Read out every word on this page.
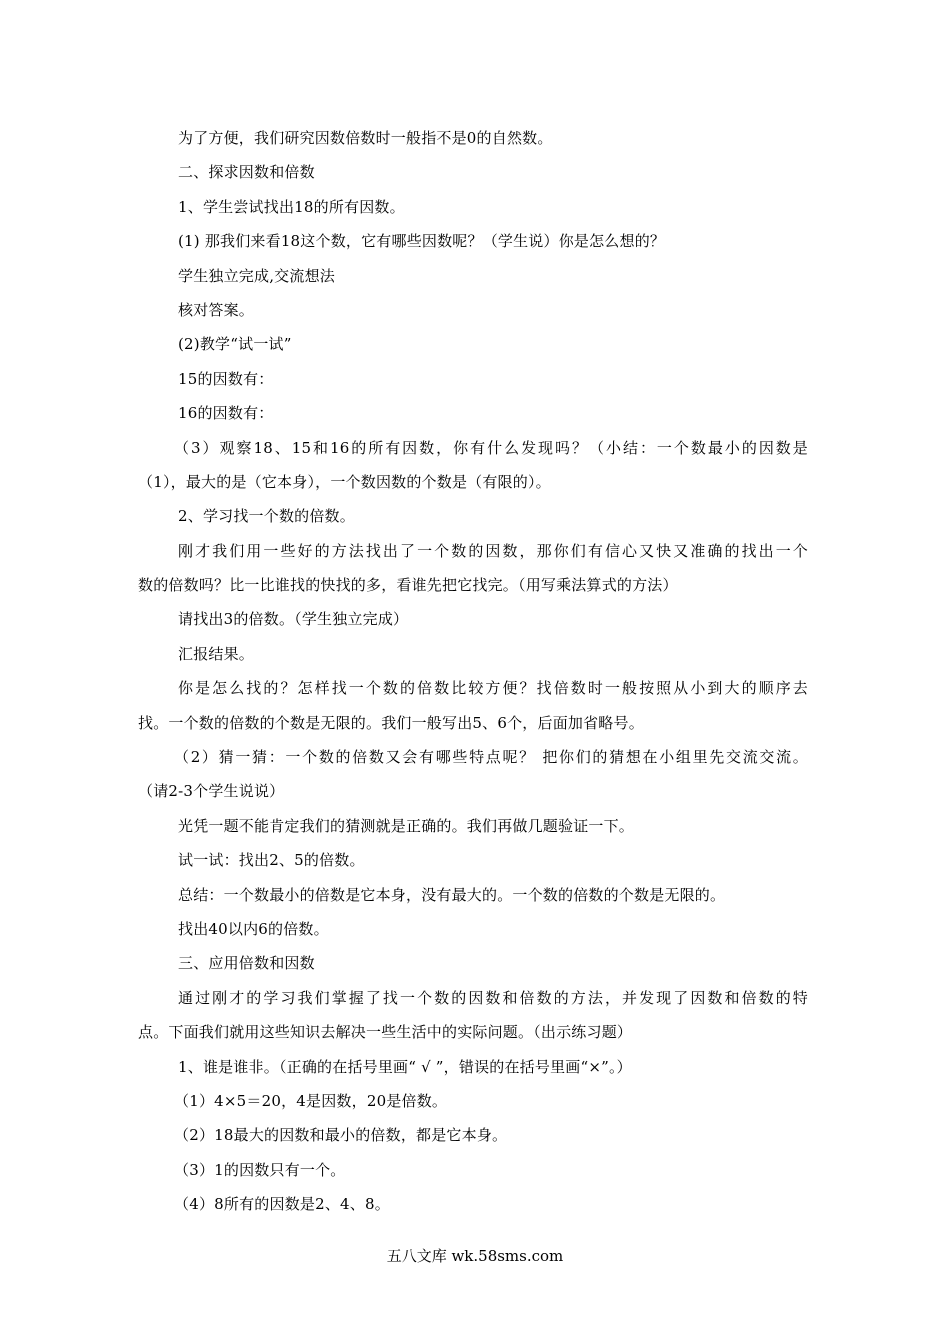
为了方便，我们研究因数倍数时一般指不是0的自然数。
二、探求因数和倍数
1、学生尝试找出18的所有因数。
(1) 那我们来看18这个数，它有哪些因数呢？（学生说）你是怎么想的？
学生独立完成,交流想法
核对答案。
(2)教学“试一试”
15的因数有：
16的因数有：
（3）观察18、15和16的所有因数，你有什么发现吗？（小结：一个数最小的因数是
（1），最大的是（它本身），一个数因数的个数是（有限的）。
2、学习找一个数的倍数。
刚才我们用一些好的方法找出了一个数的因数，那你们有信心又快又准确的找出一个
数的倍数吗？比一比谁找的快找的多，看谁先把它找完。（用写乘法算式的方法）
请找出3的倍数。（学生独立完成）
汇报结果。
你是怎么找的？怎样找一个数的倍数比较方便？找倍数时一般按照从小到大的顺序去
找。一个数的倍数的个数是无限的。我们一般写出5、6个，后面加省略号。
（2）猜一猜：一个数的倍数又会有哪些特点呢？ 把你们的猜想在小组里先交流交流。
（请2-3个学生说说）
光凭一题不能肯定我们的猜测就是正确的。我们再做几题验证一下。
试一试：找出2、5的倍数。
总结：一个数最小的倍数是它本身，没有最大的。一个数的倍数的个数是无限的。
找出40以内6的倍数。
三、应用倍数和因数
通过刚才的学习我们掌握了找一个数的因数和倍数的方法，并发现了因数和倍数的特
点。下面我们就用这些知识去解决一些生活中的实际问题。（出示练习题）
1、谁是谁非。（正确的在括号里画“ √ ”，错误的在括号里画“×”。）
（1）4×5＝20，4是因数，20是倍数。
（2）18最大的因数和最小的倍数，都是它本身。
（3）1的因数只有一个。
（4）8所有的因数是2、4、8。
五八文库 wk.58sms.com
